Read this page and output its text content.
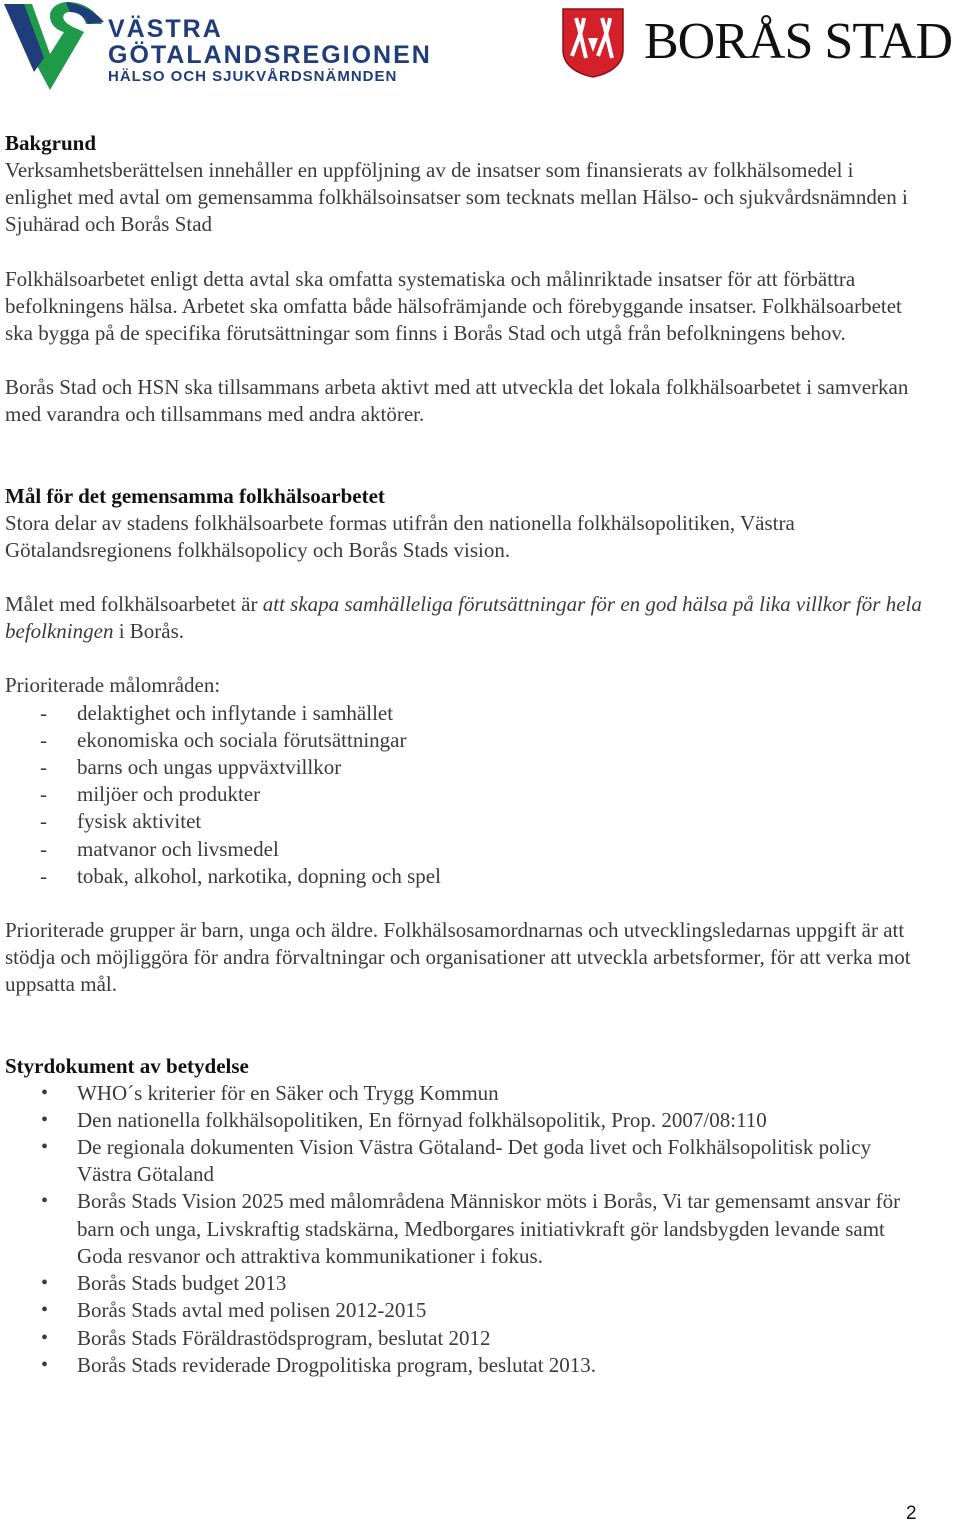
VÄSTRA
GÖTALANDSREGIONEN
HÄLSO OCH SJUKVÅRDSNÄMNDEN
BORÅS STAD
Bakgrund

Verksamhetsberättelsen innehåller en uppföljning av de insatser som finansierats av folkhälsomedel i enlighet med avtal om gemensamma folkhälsoinsatser som tecknats mellan Hälso- och sjukvårdsnämnden i Sjuhärad och Borås Stad

Folkhälsoarbetet enligt detta avtal ska omfatta systematiska och målinriktade insatser för att förbättra befolkningens hälsa. Arbetet ska omfatta både hälsofrämjande och förebyggande insatser. Folkhälsoarbetet ska bygga på de specifika förutsättningar som finns i Borås Stad och utgå från befolkningens behov.

Borås Stad och HSN ska tillsammans arbeta aktivt med att utveckla det lokala folkhälsoarbetet i samverkan med varandra och tillsammans med andra aktörer.

Mål för det gemensamma folkhälsoarbetet

Stora delar av stadens folkhälsoarbete formas utifrån den nationella folkhälsopolitiken, Västra Götalandsregionens folkhälsopolicy och Borås Stads vision.

Målet med folkhälsoarbetet är att skapa samhälleliga förutsättningar för en god hälsa på lika villkor för hela befolkningen i Borås.

Prioriterade målområden:

- delaktighet och inflytande i samhället
- ekonomiska och sociala förutsättningar
- barns och ungas uppväxtvillkor
- miljöer och produkter
- fysisk aktivitet
- matvanor och livsmedel
- tobak, alkohol, narkotika, dopning och spel

Prioriterade grupper är barn, unga och äldre. Folkhälsosamordnarnas och utvecklingsledarnas uppgift är att stödja och möjliggöra för andra förvaltningar och organisationer att utveckla arbetsformer, för att verka mot uppsatta mål.

Styrdokument av betydelse
• WHO´s kriterier för en Säker och Trygg Kommun
• Den nationella folkhälsopolitiken, En förnyad folkhälsopolitik, Prop. 2007/08:110
• De regionala dokumenten Vision Västra Götaland- Det goda livet och Folkhälsopolitisk policy Västra Götaland
• Borås Stads Vision 2025 med målområdena Människor möts i Borås, Vi tar gemensamt ansvar för barn och unga, Livskraftig stadskärna, Medborgares initiativkraft gör landsbygden levande samt Goda resvanor och attraktiva kommunikationer i fokus.
• Borås Stads budget 2013
• Borås Stads avtal med polisen 2012-2015
• Borås Stads Föräldrastödsprogram, beslutat 2012
• Borås Stads reviderade Drogpolitiska program, beslutat 2013.
2
